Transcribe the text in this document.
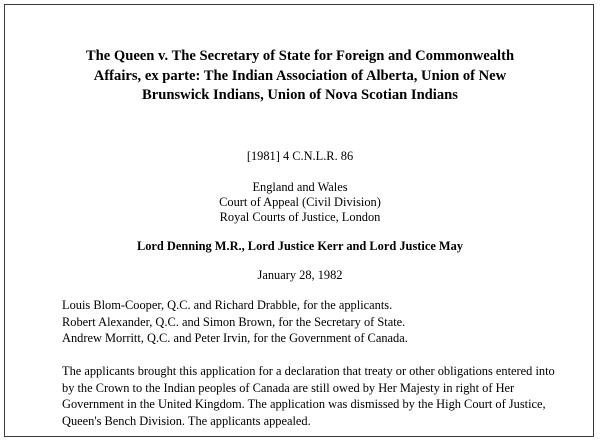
The Queen v. The Secretary of State for Foreign and Commonwealth Affairs, ex parte: The Indian Association of Alberta, Union of New Brunswick Indians, Union of Nova Scotian Indians

[1981] 4 C.N.L.R. 86

England and Wales

Court of Appeal (Civil Division)

Royal Courts of Justice, London

Lord Denning M.R., Lord Justice Kerr and Lord Justice May

January 28, 1982

Louis Blom-Cooper, Q.C. and Richard Drabble, for the applicants.
Robert Alexander, Q.C. and Simon Brown, for the Secretary of State.
Andrew Morritt, Q.C. and Peter Irvin, for the Government of Canada.
The applicants brought this application for a declaration that treaty or other obligations entered into
by the Crown to the Indian peoples of Canada are still owed by Her Majesty in right of Her
Government in the United Kingdom. The application was dismissed by the High Court of Justice,
Queen's Bench Division. The applicants appealed.
